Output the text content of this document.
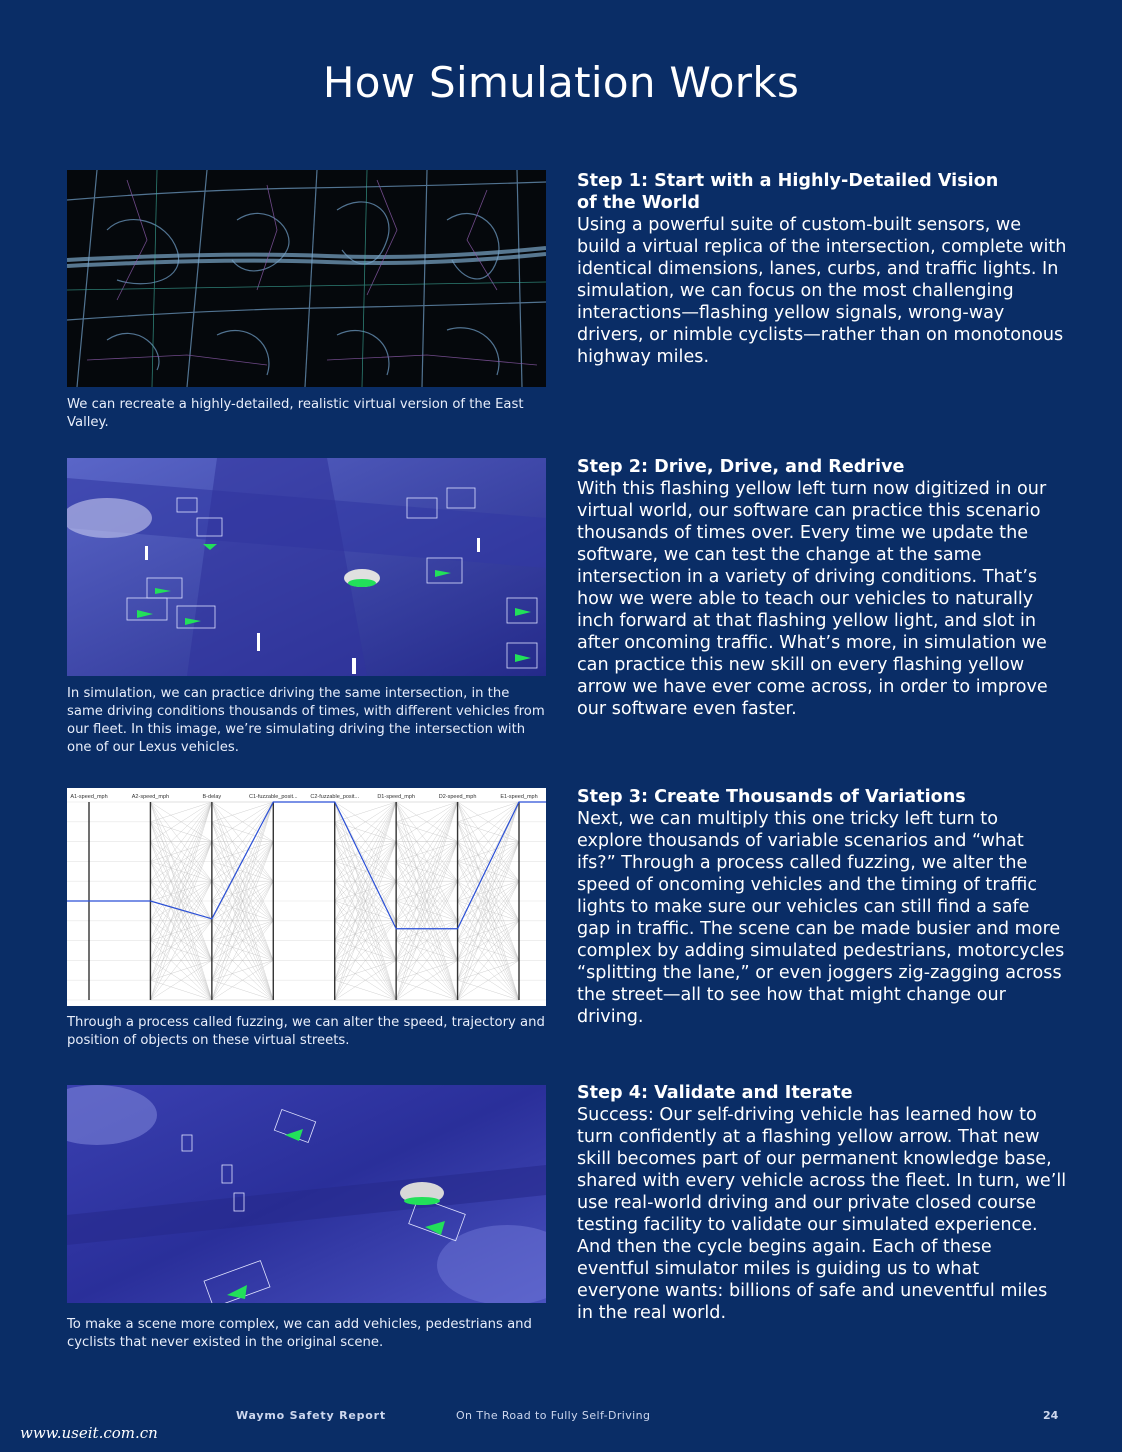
How Simulation Works
We can recreate a highly-detailed, realistic virtual version of the East Valley.
Step 1: Start with a Highly-Detailed Vision
of the World
Using a powerful suite of custom-built sensors, we build a virtual replica of the intersection, complete with identical dimensions, lanes, curbs, and traffic lights. In simulation, we can focus on the most challenging interactions—flashing yellow signals, wrong-way drivers, or nimble cyclists—rather than on monotonous highway miles.
In simulation, we can practice driving the same intersection, in the same driving conditions thousands of times, with different vehicles from our fleet. In this image, we’re simulating driving the intersection with one of our Lexus vehicles.
Step 2: Drive, Drive, and Redrive
With this flashing yellow left turn now digitized in our virtual world, our software can practice this scenario thousands of times over. Every time we update the software, we can test the change at the same intersection in a variety of driving conditions. That’s how we were able to teach our vehicles to naturally inch forward at that flashing yellow light, and slot in after oncoming traffic. What’s more, in simulation we can practice this new skill on every flashing yellow arrow we have ever come across, in order to improve our software even faster.
A1-speed_mph	A2-speed_mph	B-delay	C1-fuzzable_posit... C2-fuzzable_posit...	D1-speed_mph	D2-speed_mph	E1-speed_mph
Through a process called fuzzing, we can alter the speed, trajectory and position of objects on these virtual streets.
Step 3: Create Thousands of Variations
Next, we can multiply this one tricky left turn to explore thousands of variable scenarios and “what ifs?” Through a process called fuzzing, we alter the speed of oncoming vehicles and the timing of traffic lights to make sure our vehicles can still find a safe gap in traffic. The scene can be made busier and more complex by adding simulated pedestrians, motorcycles “splitting the lane,” or even joggers zig-zagging across the street—all to see how that might change our driving.
To make a scene more complex, we can add vehicles, pedestrians and cyclists that never existed in the original scene.
Step 4: Validate and Iterate
Success: Our self-driving vehicle has learned how to turn confidently at a flashing yellow arrow. That new skill becomes part of our permanent knowledge base, shared with every vehicle across the fleet. In turn, we’ll use real-world driving and our private closed course testing facility to validate our simulated experience. And then the cycle begins again. Each of these eventful simulator miles is guiding us to what everyone wants: billions of safe and uneventful miles in the real world.
Waymo Safety Report	On The Road to Fully Self-Driving	24
www.useit.com.cn
